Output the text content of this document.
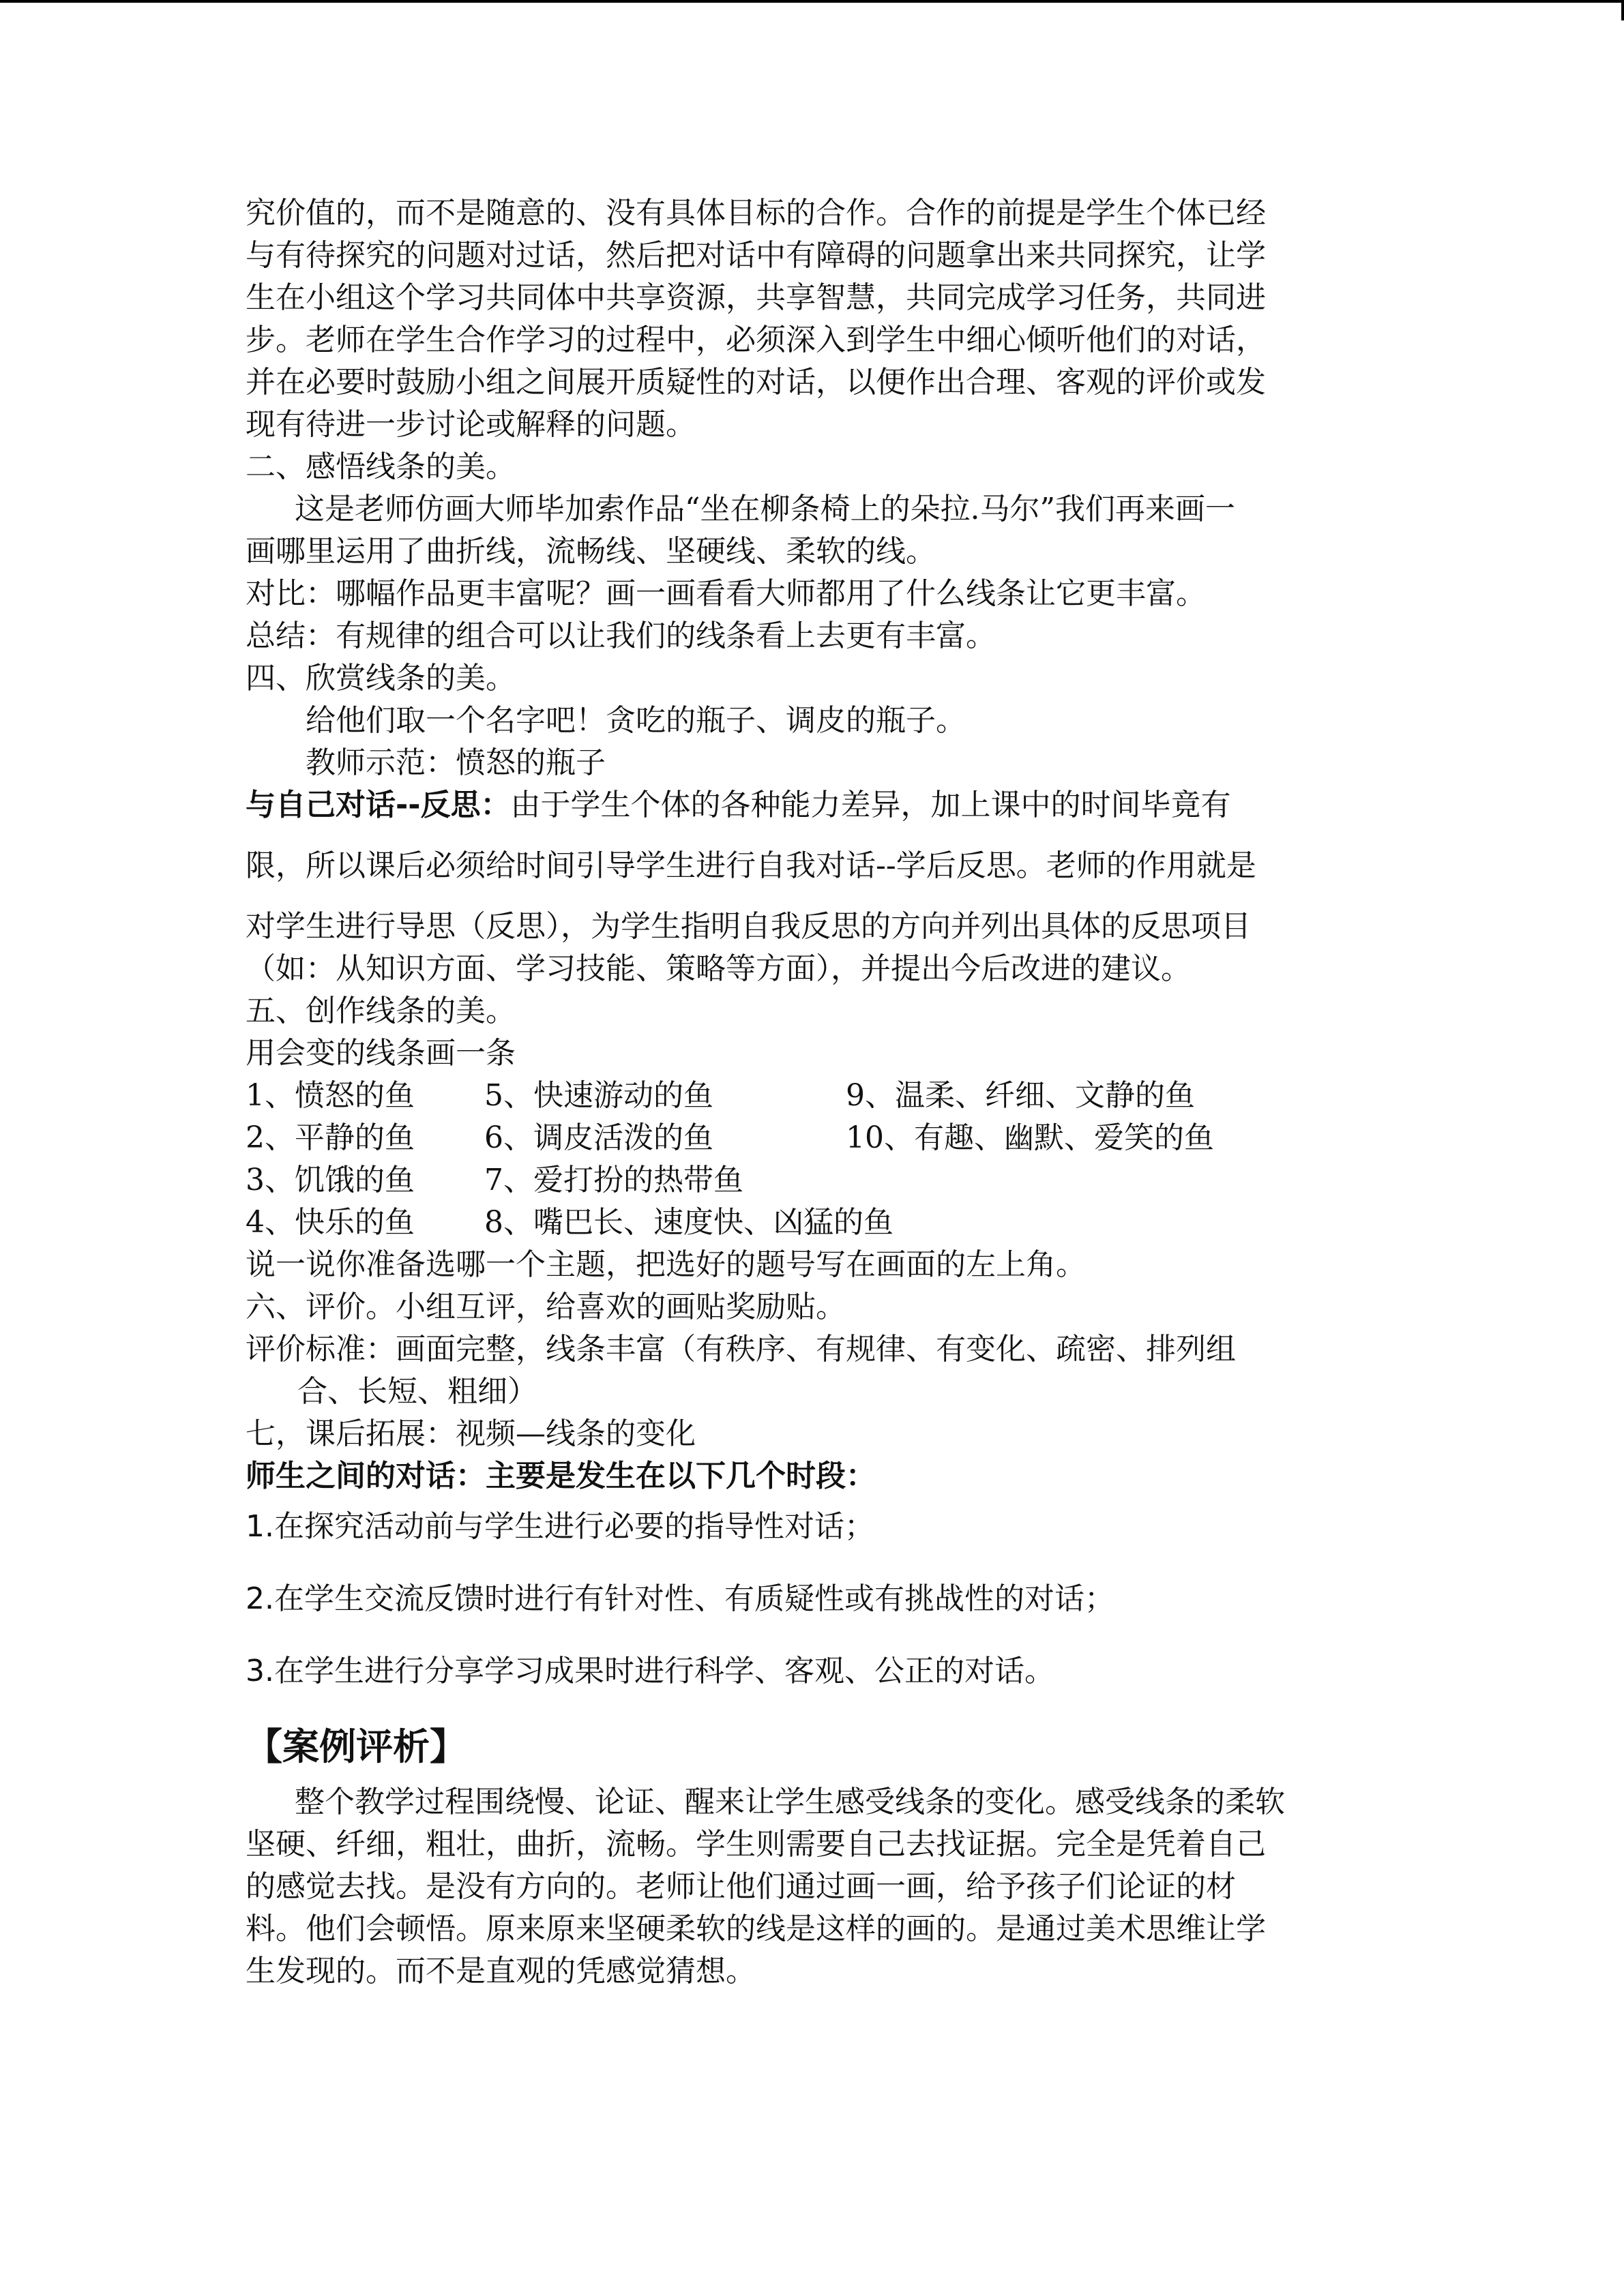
究价值的，而不是随意的、没有具体目标的合作。合作的前提是学生个体已经

与有待探究的问题对过话，然后把对话中有障碍的问题拿出来共同探究，让学

生在小组这个学习共同体中共享资源，共享智慧，共同完成学习任务，共同进

步。老师在学生合作学习的过程中，必须深入到学生中细心倾听他们的对话，

并在必要时鼓励小组之间展开质疑性的对话，以便作出合理、客观的评价或发

现有待进一步讨论或解释的问题。

二、感悟线条的美。

这是老师仿画大师毕加索作品“坐在柳条椅上的朵拉.马尔”我们再来画一

画哪里运用了曲折线，流畅线、坚硬线、柔软的线。

对比：哪幅作品更丰富呢？画一画看看大师都用了什么线条让它更丰富。

总结：有规律的组合可以让我们的线条看上去更有丰富。

四、欣赏线条的美。

给他们取一个名字吧！贪吃的瓶子、调皮的瓶子。

教师示范：愤怒的瓶子

与自己对话--反思：由于学生个体的各种能力差异，加上课中的时间毕竟有

限，所以课后必须给时间引导学生进行自我对话--学后反思。老师的作用就是

对学生进行导思（反思），为学生指明自我反思的方向并列出具体的反思项目

（如：从知识方面、学习技能、策略等方面），并提出今后改进的建议。

五、创作线条的美。

用会变的线条画一条

1、愤怒的鱼	5、快速游动的鱼	9、温柔、纤细、文静的鱼
2、平静的鱼	6、调皮活泼的鱼	10、有趣、幽默、爱笑的鱼
3、饥饿的鱼	7、爱打扮的热带鱼
4、快乐的鱼	8、嘴巴长、速度快、凶猛的鱼

说一说你准备选哪一个主题，把选好的题号写在画面的左上角。

六、评价。小组互评，给喜欢的画贴奖励贴。

评价标准：画面完整，线条丰富（有秩序、有规律、有变化、疏密、排列组

合、长短、粗细）

七，课后拓展：视频—线条的变化

师生之间的对话：主要是发生在以下几个时段：

1.在探究活动前与学生进行必要的指导性对话；

2.在学生交流反馈时进行有针对性、有质疑性或有挑战性的对话；

3.在学生进行分享学习成果时进行科学、客观、公正的对话。

【案例评析】

整个教学过程围绕慢、论证、醒来让学生感受线条的变化。感受线条的柔软

坚硬、纤细，粗壮，曲折，流畅。学生则需要自己去找证据。完全是凭着自己

的感觉去找。是没有方向的。老师让他们通过画一画，给予孩子们论证的材

料。他们会顿悟。原来原来坚硬柔软的线是这样的画的。是通过美术思维让学

生发现的。而不是直观的凭感觉猜想。
